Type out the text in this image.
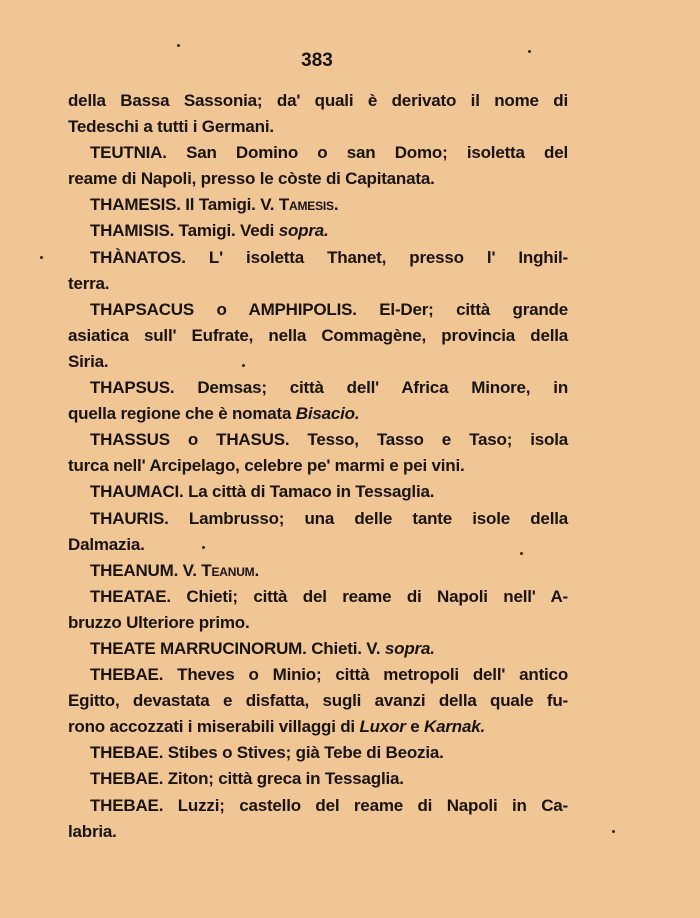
383
della Bassa Sassonia; da' quali è derivato il nome di
Tedeschi a tutti i Germani.
TEUTNIA. San Domino o san Domo; isoletta del
reame di Napoli, presso le còste di Capitanata.
THAMESIS. Il Tamigi. V. Tamesis.
THAMISIS. Tamigi. Vedi sopra.
THÀNATOS. L' isoletta Thanet, presso l' Inghil-
terra.
THAPSACUS o AMPHIPOLIS. El-Der; città grande
asiatica sull' Eufrate, nella Commagène, provincia della
Siria.
THAPSUS. Demsas; città dell' Africa Minore, in
quella regione che è nomata Bisacio.
THASSUS o THASUS. Tesso, Tasso e Taso; isola
turca nell' Arcipelago, celebre pe' marmi e pei vini.
THAUMACI. La città di Tamaco in Tessaglia.
THAURIS. Lambrusso; una delle tante isole della
Dalmazia.
THEANUM. V. Teanum.
THEATAE. Chieti; città del reame di Napoli nell' A-
bruzzo Ulteriore primo.
THEATE MARRUCINORUM. Chieti. V. sopra.
THEBAE. Theves o Minio; città metropoli dell' antico
Egitto, devastata e disfatta, sugli avanzi della quale fu-
rono accozzati i miserabili villaggi di Luxor e Karnak.
THEBAE. Stibes o Stives; già Tebe di Beozia.
THEBAE. Ziton; città greca in Tessaglia.
THEBAE. Luzzi; castello del reame di Napoli in Ca-
labria.
